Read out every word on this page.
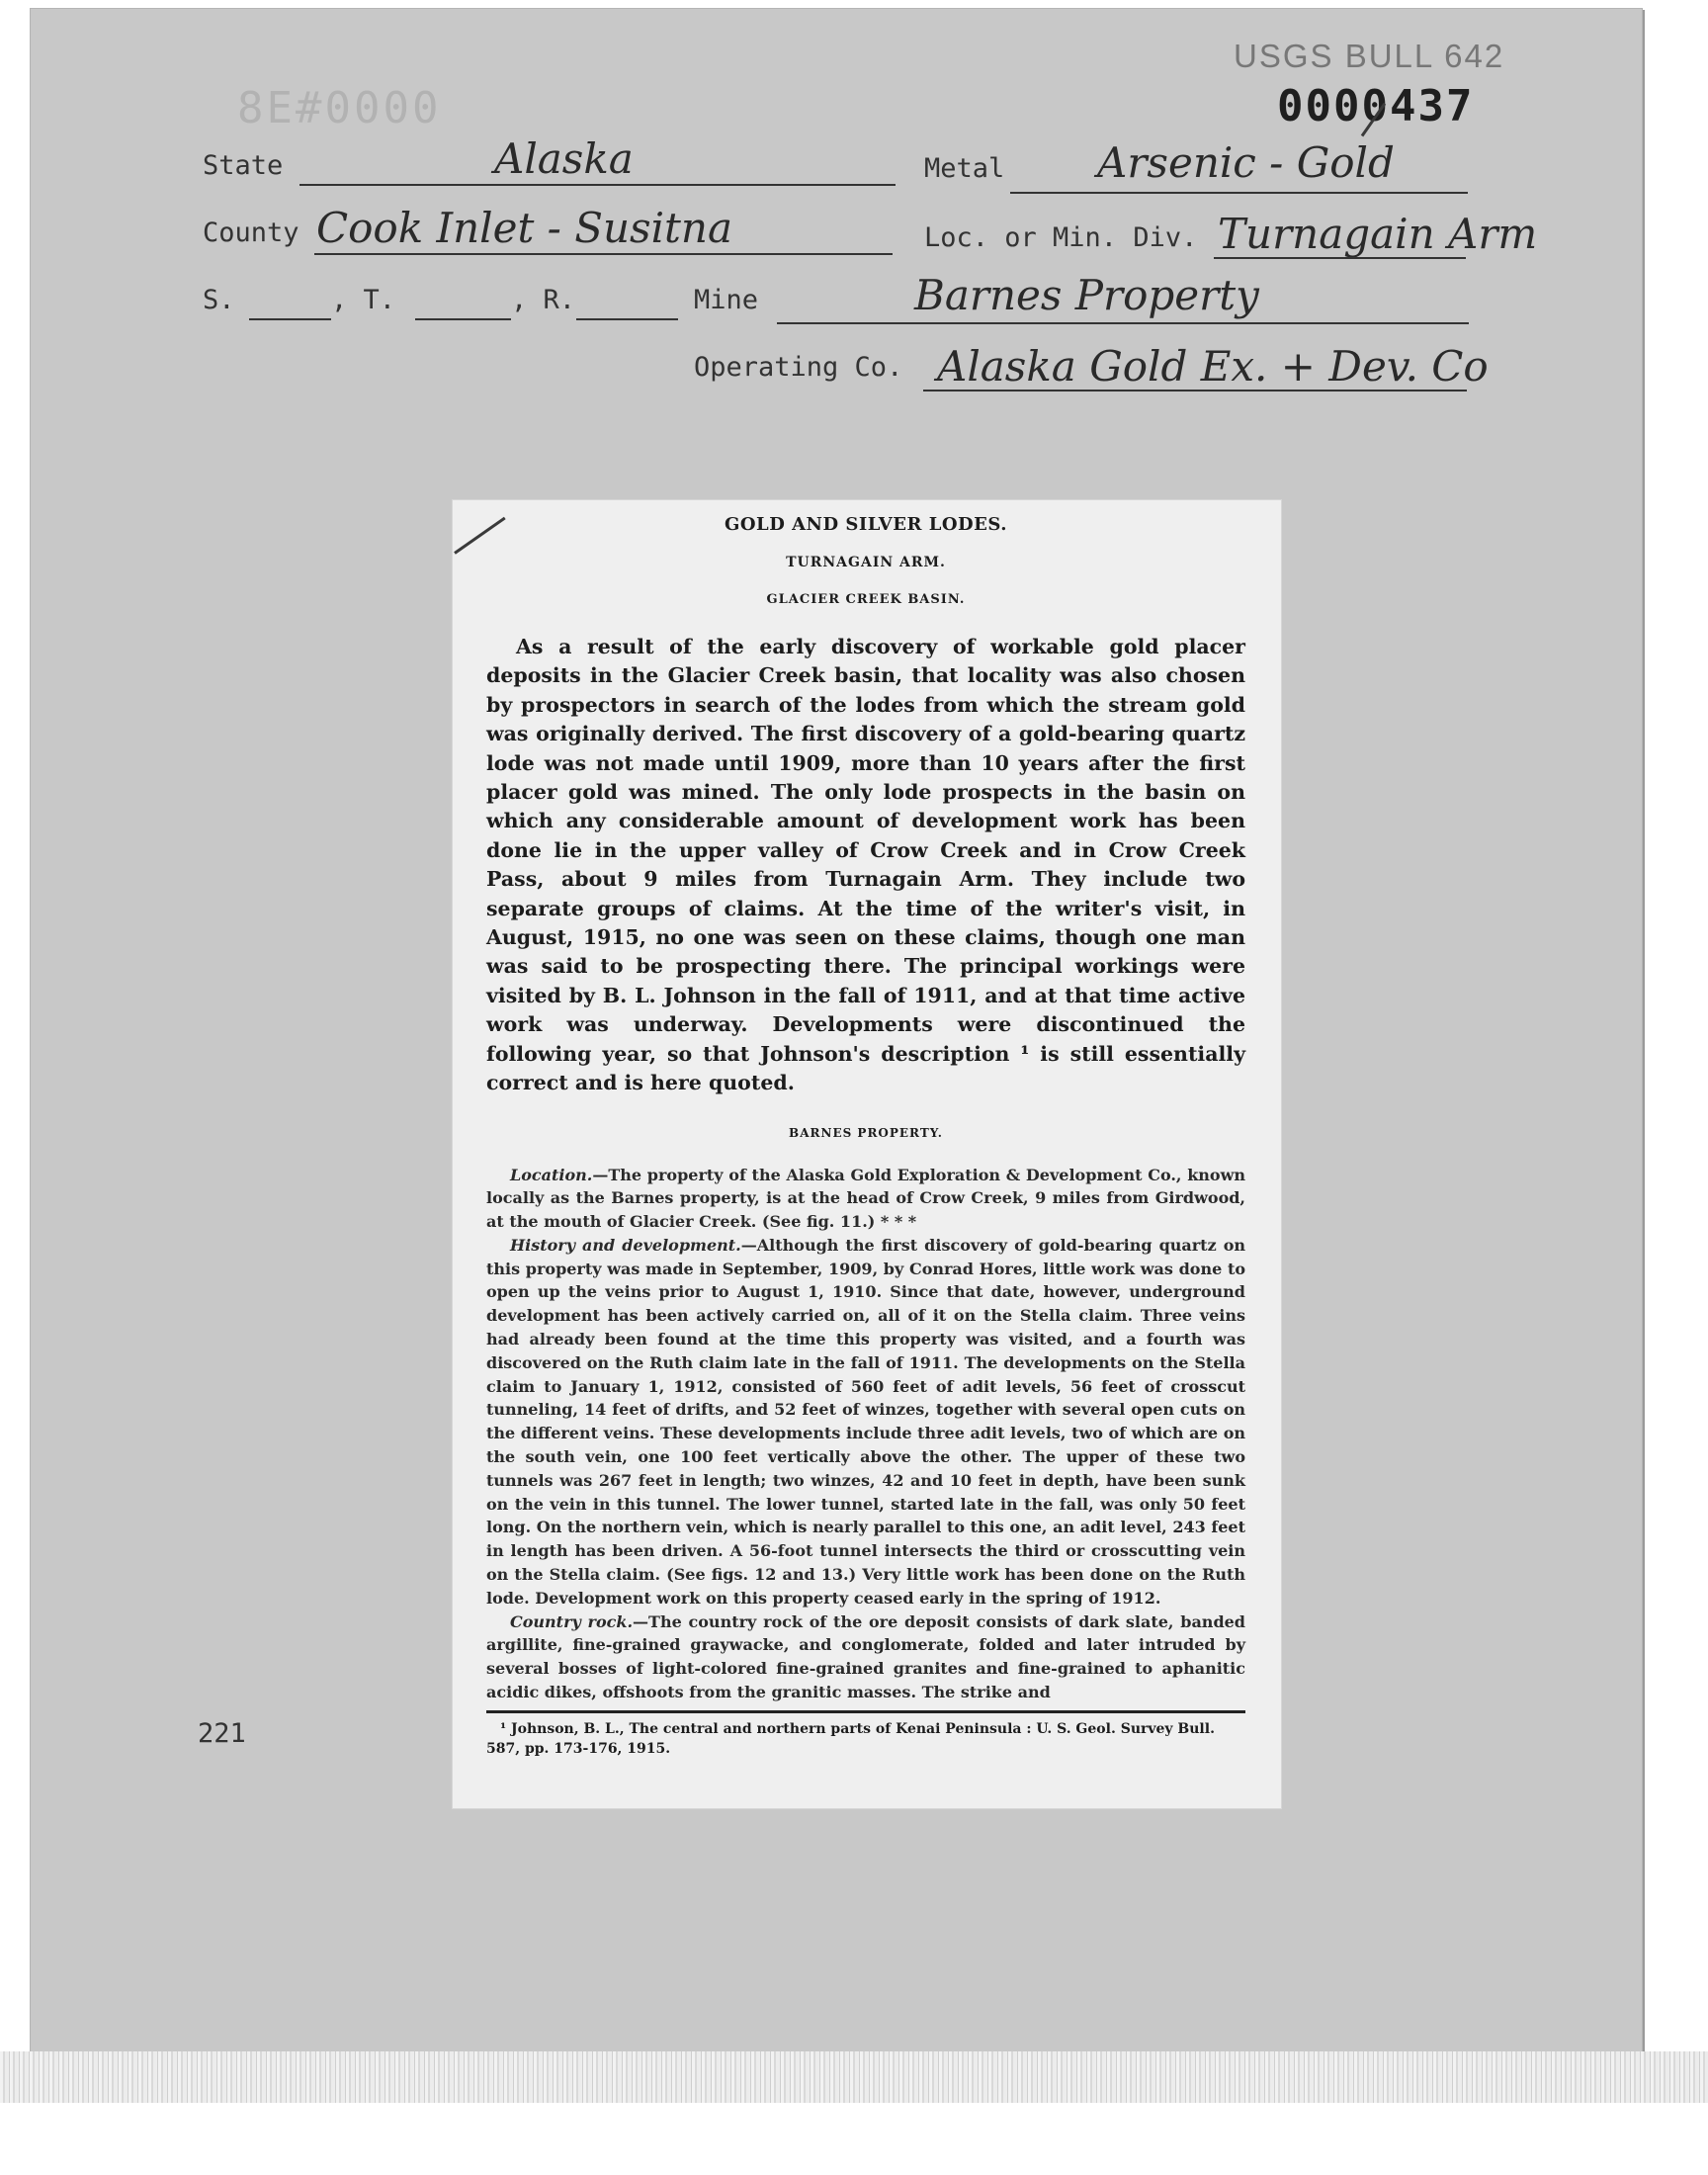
USGS BULL 642
8E#0000	0000437
State	Alaska	Metal Arsenic - Gold
County Cook Inlet - Susitna	Loc. or Min. Div. Turnagain Arm
S.	, T.	, R.	Mine	Barnes Property
Operating Co. Alaska Gold Ex. + Dev. Co
221
GOLD AND SILVER LODES.
TURNAGAIN ARM.
GLACIER CREEK BASIN.

As a result of the early discovery of workable gold placer deposits in the Glacier Creek basin, that locality was also chosen by prospectors in search of the lodes from which the stream gold was originally derived. The first discovery of a gold-bearing quartz lode was not made until 1909, more than 10 years after the first placer gold was mined. The only lode prospects in the basin on which any considerable amount of development work has been done lie in the upper valley of Crow Creek and in Crow Creek Pass, about 9 miles from Turnagain Arm. They include two separate groups of claims. At the time of the writer's visit, in August, 1915, no one was seen on these claims, though one man was said to be prospecting there. The principal workings were visited by B. L. Johnson in the fall of 1911, and at that time active work was underway. Developments were discontinued the following year, so that Johnson's description ¹ is still essentially correct and is here quoted.

BARNES PROPERTY.

Location.—The property of the Alaska Gold Exploration & Development Co., known locally as the Barnes property, is at the head of Crow Creek, 9 miles from Girdwood, at the mouth of Glacier Creek. (See fig. 11.) * * *

History and development.—Although the first discovery of gold-bearing quartz on this property was made in September, 1909, by Conrad Hores, little work was done to open up the veins prior to August 1, 1910. Since that date, however, underground development has been actively carried on, all of it on the Stella claim. Three veins had already been found at the time this property was visited, and a fourth was discovered on the Ruth claim late in the fall of 1911. The developments on the Stella claim to January 1, 1912, consisted of 560 feet of adit levels, 56 feet of crosscut tunneling, 14 feet of drifts, and 52 feet of winzes, together with several open cuts on the different veins. These developments include three adit levels, two of which are on the south vein, one 100 feet vertically above the other. The upper of these two tunnels was 267 feet in length; two winzes, 42 and 10 feet in depth, have been sunk on the vein in this tunnel. The lower tunnel, started late in the fall, was only 50 feet long. On the northern vein, which is nearly parallel to this one, an adit level, 243 feet in length has been driven. A 56-foot tunnel intersects the third or crosscutting vein on the Stella claim. (See figs. 12 and 13.) Very little work has been done on the Ruth lode. Development work on this property ceased early in the spring of 1912.

Country rock.—The country rock of the ore deposit consists of dark slate, banded argillite, fine-grained graywacke, and conglomerate, folded and later intruded by several bosses of light-colored fine-grained granites and fine-grained to aphanitic acidic dikes, offshoots from the granitic masses. The strike and

¹ Johnson, B. L., The central and northern parts of Kenai Peninsula : U. S. Geol. Survey Bull. 587, pp. 173-176, 1915.
